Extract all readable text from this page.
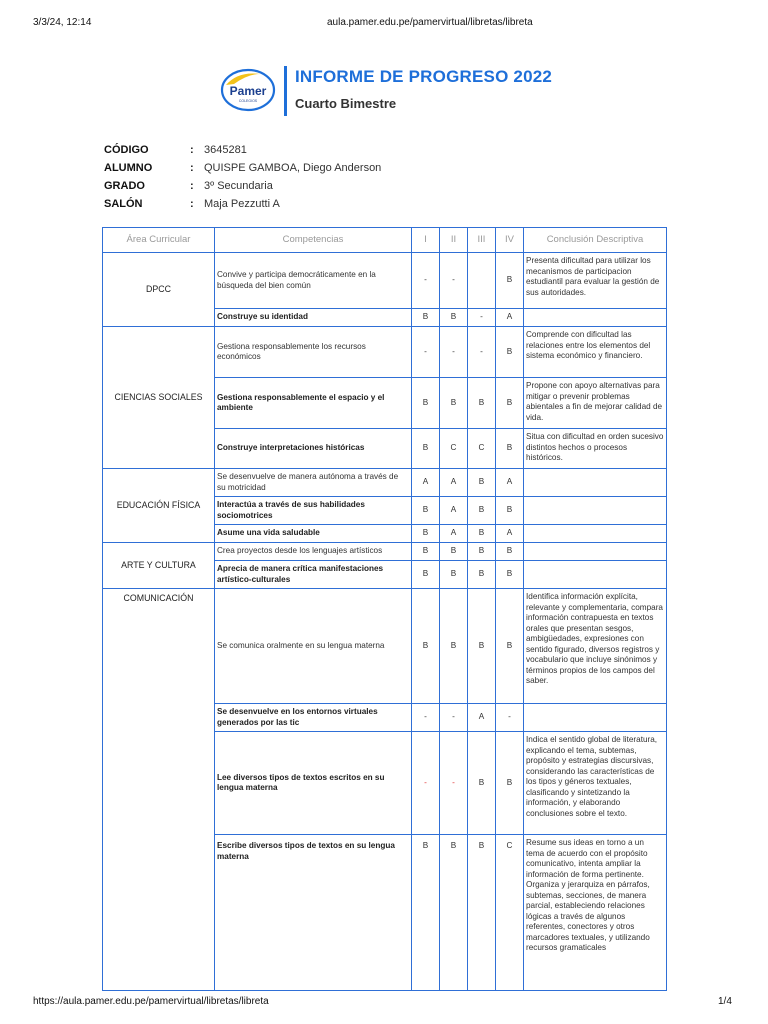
3/3/24, 12:14	aula.pamer.edu.pe/pamervirtual/libretas/libreta
https://aula.pamer.edu.pe/pamervirtual/libretas/libreta	1/4
Pamer
COLEGIOS
INFORME DE PROGRESO 2022
Cuarto Bimestre
CÓDIGO	: 3645281
ALUMNO	: QUISPE GAMBOA, Diego Anderson
GRADO	: 3º Secundaria
SALÓN	: Maja Pezzutti A
Área Curricular	Competencias	I	II	III	IV	Conclusión Descriptiva
DPCC	Convive y participa democráticamente en la búsqueda del bien común	-	-		B	Presenta dificultad para utilizar los mecanismos de participacion estudiantil para evaluar la gestión de sus autoridades.
	Construye su identidad	B	B	-	A	
CIENCIAS SOCIALES	Gestiona responsablemente los recursos económicos	-	-	-	B	Comprende con dificultad las relaciones entre los elementos del sistema económico y financiero.
	Gestiona responsablemente el espacio y el ambiente	B	B	B	B	Propone con apoyo alternativas para mitigar o prevenir problemas abientales a fin de mejorar calidad de vida.
	Construye interpretaciones históricas	B	C	C	B	Situa con dificultad en orden sucesivo distintos hechos o procesos históricos.
EDUCACIÓN FÍSICA	Se desenvuelve de manera autónoma a través de su motricidad	A	A	B	A	
	Interactúa a través de sus habilidades sociomotrices	B	A	B	B	
	Asume una vida saludable	B	A	B	A	
ARTE Y CULTURA	Crea proyectos desde los lenguajes artísticos	B	B	B	B	
	Aprecia de manera crítica manifestaciones artístico-culturales	B	B	B	B	
COMUNICACIÓN	Se comunica oralmente en su lengua materna	B	B	B	B	Identifica información explícita, relevante y complementaria, compara información contrapuesta en textos orales que presentan sesgos, ambigüedades, expresiones con sentido figurado, diversos registros y vocabulario que incluye sinónimos y términos propios de los campos del saber.
	Se desenvuelve en los entornos virtuales generados por las tic	-	-	A	-	
	Lee diversos tipos de textos escritos en su lengua materna	-	-	B	B	Indica el sentido global de literatura, explicando el tema, subtemas, propósito y estrategias discursivas, considerando las características de los tipos y géneros textuales, clasificando y sintetizando la información, y elaborando conclusiones sobre el texto.
	Escribe diversos tipos de textos en su lengua materna	B	B	B	C	Resume sus ideas en torno a un tema de acuerdo con el propósito comunicativo, intenta ampliar la información de forma pertinente. Organiza y jerarquiza en párrafos, subtemas, secciones, de manera parcial, estableciendo relaciones lógicas a través de algunos referentes, conectores y otros marcadores textuales, y utilizando recursos gramaticales
